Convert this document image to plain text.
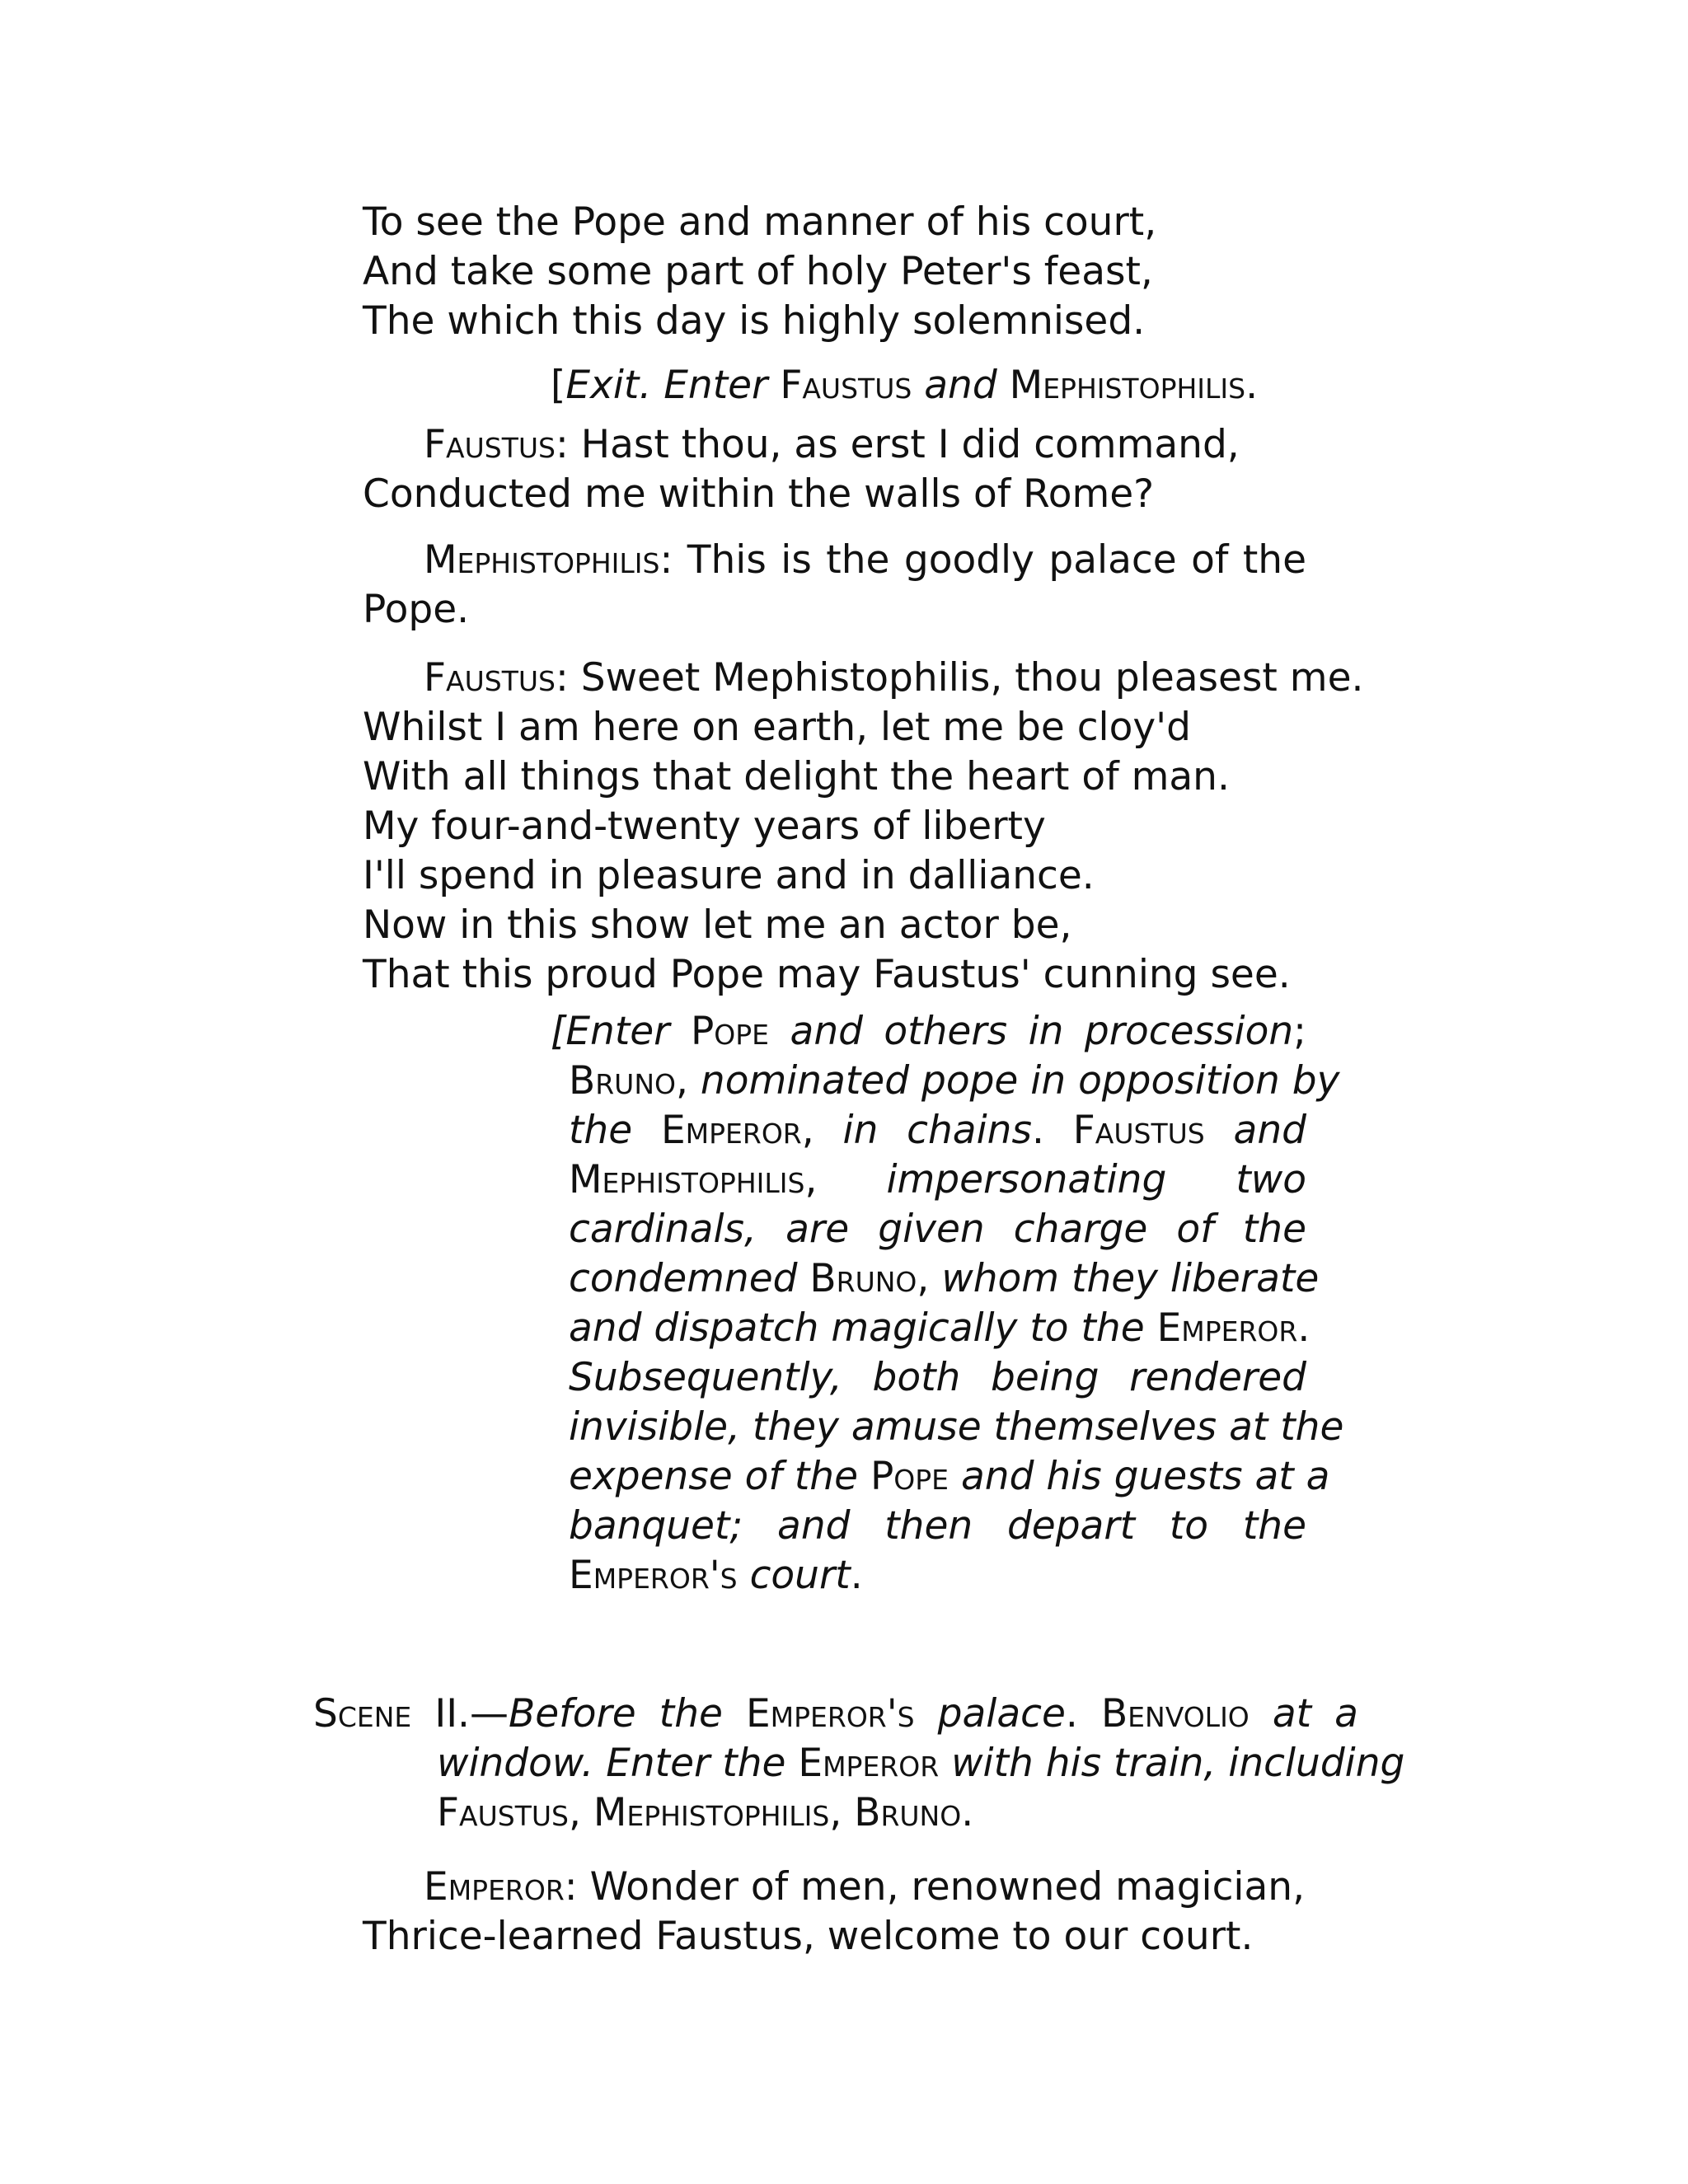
To see the Pope and manner of his court,

And take some part of holy Peter's feast,

The which this day is highly solemnised.

[Exit. Enter Faustus and Mephistophilis.

Faustus: Hast thou, as erst I did command,

Conducted me within the walls of Rome?

Mephistophilis: This is the goodly palace of the

Pope.

Faustus: Sweet Mephistophilis, thou pleasest me.

Whilst I am here on earth, let me be cloy'd

With all things that delight the heart of man.

My four-and-twenty years of liberty

I'll spend in pleasure and in dalliance.

Now in this show let me an actor be,

That this proud Pope may Faustus' cunning see.

[Enter Pope and others in procession;

Bruno, nominated pope in opposition by

the Emperor, in chains. Faustus and

Mephistophilis, impersonating two

cardinals, are given charge of the

condemned Bruno, whom they liberate

and dispatch magically to the Emperor.

Subsequently, both being rendered

invisible, they amuse themselves at the

expense of the Pope and his guests at a

banquet; and then depart to the

Emperor's court.

Scene II.—Before the Emperor's palace. Benvolio at a

window. Enter the Emperor with his train, including

Faustus, Mephistophilis, Bruno.

Emperor: Wonder of men, renowned magician,

Thrice-learned Faustus, welcome to our court.
